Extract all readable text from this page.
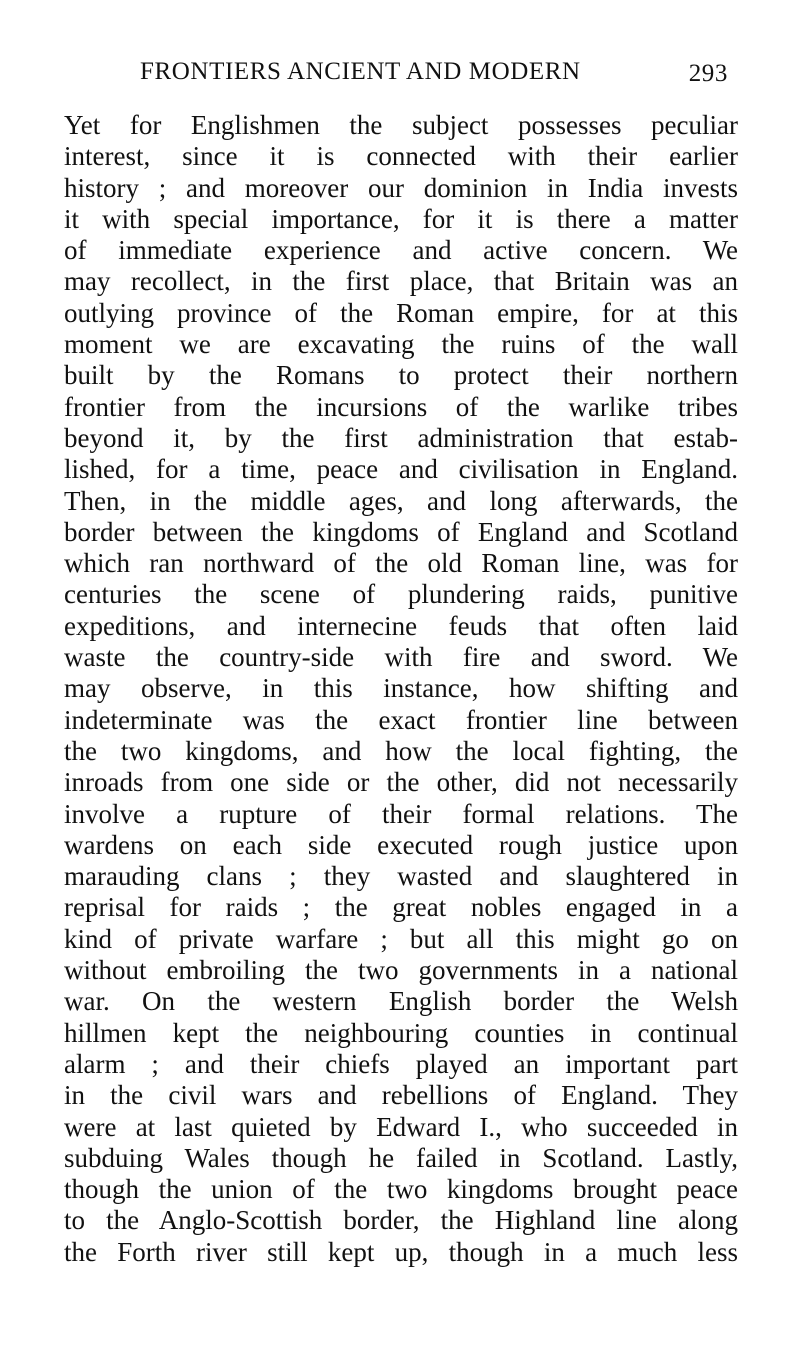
FRONTIERS ANCIENT AND MODERN	293
Yet for Englishmen the subject possesses peculiar
interest, since it is connected with their earlier
history ; and moreover our dominion in India invests
it with special importance, for it is there a matter
of immediate experience and active concern. We
may recollect, in the first place, that Britain was an
outlying province of the Roman empire, for at this
moment we are excavating the ruins of the wall
built by the Romans to protect their northern
frontier from the incursions of the warlike tribes
beyond it, by the first administration that estab-
lished, for a time, peace and civilisation in England.
Then, in the middle ages, and long afterwards, the
border between the kingdoms of England and Scotland
which ran northward of the old Roman line, was for
centuries the scene of plundering raids, punitive
expeditions, and internecine feuds that often laid
waste the country-side with fire and sword. We
may observe, in this instance, how shifting and
indeterminate was the exact frontier line between
the two kingdoms, and how the local fighting, the
inroads from one side or the other, did not necessarily
involve a rupture of their formal relations. The
wardens on each side executed rough justice upon
marauding clans ; they wasted and slaughtered in
reprisal for raids ; the great nobles engaged in a
kind of private warfare ; but all this might go on
without embroiling the two governments in a national
war. On the western English border the Welsh
hillmen kept the neighbouring counties in continual
alarm ; and their chiefs played an important part
in the civil wars and rebellions of England. They
were at last quieted by Edward I., who succeeded in
subduing Wales though he failed in Scotland. Lastly,
though the union of the two kingdoms brought peace
to the Anglo-Scottish border, the Highland line along
the Forth river still kept up, though in a much less
